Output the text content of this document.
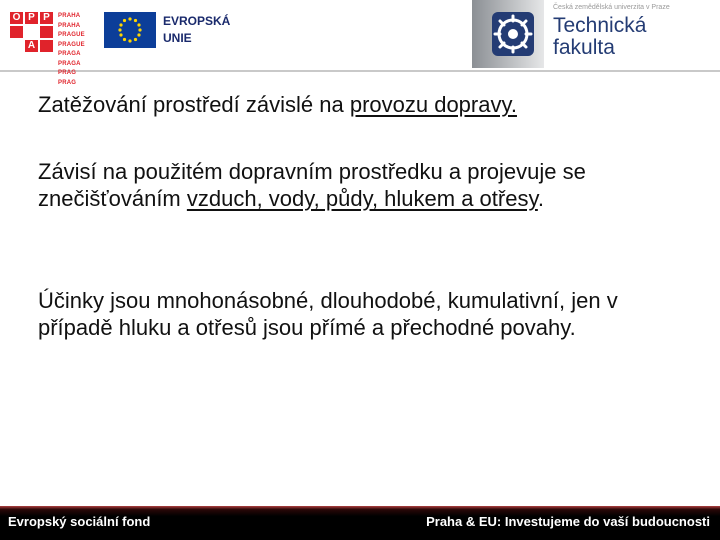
O P P
A
PRAHA PRAHA
PRAGUE PRAGUE
PRAGA PRAGA
PRAG PRAG
EVROPSKÁ
UNIE
Česká zemědělská univerzita v Praze
Technická
fakulta
Zatěžování prostředí závislé na provozu dopravy.
Závisí na použitém dopravním prostředku a projevuje se znečišťováním vzduch, vody, půdy, hlukem a otřesy.
Účinky jsou mnohonásobné, dlouhodobé, kumulativní, jen v případě hluku a otřesů jsou přímé a přechodné povahy.
Evropský sociální fond	Praha & EU: Investujeme do vaší budoucnosti
